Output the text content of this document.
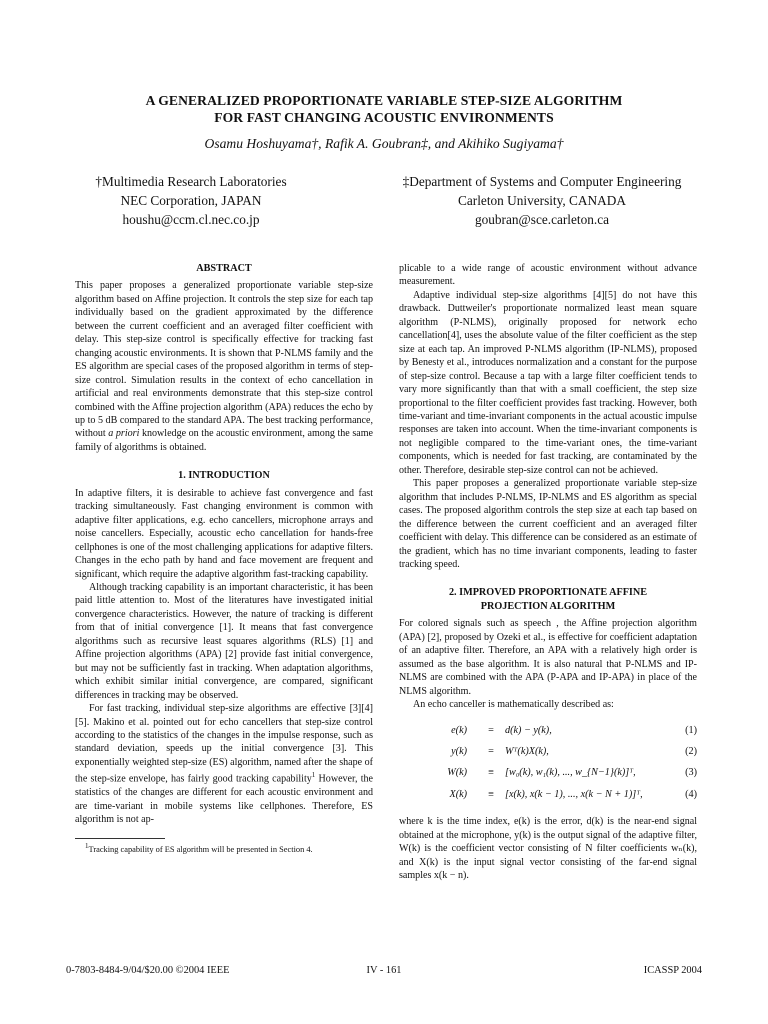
A GENERALIZED PROPORTIONATE VARIABLE STEP-SIZE ALGORITHM
FOR FAST CHANGING ACOUSTIC ENVIRONMENTS
Osamu Hoshuyama†, Rafik A. Goubran‡, and Akihiko Sugiyama†
†Multimedia Research Laboratories
NEC Corporation, JAPAN
houshu@ccm.cl.nec.co.jp
‡Department of Systems and Computer Engineering
Carleton University, CANADA
goubran@sce.carleton.ca
ABSTRACT

This paper proposes a generalized proportionate variable step-size algorithm based on Affine projection. It controls the step size for each tap individually based on the gradient approximated by the difference between the current coefficient and an averaged filter coefficient with delay. This step-size control is specifically effective for tracking fast changing acoustic environments. It is shown that P-NLMS family and the ES algorithm are special cases of the proposed algorithm in terms of step-size control. Simulation results in the context of echo cancellation in artificial and real environments demonstrate that this step-size control combined with the Affine projection algorithm (APA) reduces the echo by up to 5 dB compared to the standard APA. The best tracking performance, without a priori knowledge on the acoustic environment, among the same family of algorithms is obtained.

1. INTRODUCTION

In adaptive filters, it is desirable to achieve fast convergence and fast tracking simultaneously. Fast changing environment is common with adaptive filter applications, e.g. echo cancellers, microphone arrays and noise cancellers. Especially, acoustic echo cancellation for hands-free cellphones is one of the most challenging applications for adaptive filters. Changes in the echo path by hand and face movement are frequent and significant, which require the adaptive algorithm fast-tracking capability.

Although tracking capability is an important characteristic, it has been paid little attention to. Most of the literatures have investigated initial convergence characteristics. However, the nature of tracking is different from that of initial convergence [1]. It means that fast convergence algorithms such as recursive least squares algorithms (RLS) [1] and Affine projection algorithms (APA) [2] provide fast initial convergence, but may not be sufficiently fast in tracking. When adaptation algorithms, which exhibit similar initial convergence, are compared, significant differences in tracking may be observed.

For fast tracking, individual step-size algorithms are effective [3][4][5]. Makino et al. pointed out for echo cancellers that step-size control according to the statistics of the changes in the impulse response, such as standard deviation, speeds up the initial convergence [3]. This exponentially weighted step-size (ES) algorithm, named after the shape of the step-size envelope, has fairly good tracking capability$^1$ However, the statistics of the changes are different for each acoustic environment and are time-variant in mobile systems like cellphones. Therefore, ES algorithm is not ap-

$^1$Tracking capability of ES algorithm will be presented in Section 4.

plicable to a wide range of acoustic environment without advance measurement.

Adaptive individual step-size algorithms [4][5] do not have this drawback. Duttweiler's proportionate normalized least mean square algorithm (P-NLMS), originally proposed for network echo cancellation[4], uses the absolute value of the filter coefficient as the step size at each tap. An improved P-NLMS algorithm (IP-NLMS), proposed by Benesty et al., introduces normalization and a constant for the purpose of step-size control. Because a tap with a large filter coefficient tends to vary more significantly than that with a small coefficient, the step size proportional to the filter coefficient provides fast tracking. However, both time-variant and time-invariant components in the actual acoustic impulse responses are taken into account. When the time-invariant components is not negligible compared to the time-variant ones, the time-variant components, which is needed for fast tracking, are contaminated by the other. Therefore, desirable step-size control can not be achieved.

This paper proposes a generalized proportionate variable step-size algorithm that includes P-NLMS, IP-NLMS and ES algorithm as special cases. The proposed algorithm controls the step size at each tap based on the difference between the current coefficient and an averaged filter coefficient with delay. This difference can be considered as an estimate of the gradient, which has no time invariant components, leading to faster tracking speed.

2. IMPROVED PROPORTIONATE AFFINE
PROJECTION ALGORITHM

For colored signals such as speech , the Affine projection algorithm (APA) [2], proposed by Ozeki et al., is effective for coefficient adaptation of an adaptive filter. Therefore, an APA with a relatively high order is assumed as the base algorithm. It is also natural that P-NLMS and IP-NLMS are combined with the APA (P-APA and IP-APA) in place of the NLMS algorithm.

An echo canceller is mathematically described as:

e(k)	=	d(k) − y(k),	(1)
y(k)	=	Wᵀ(k)X(k),	(2)
W(k)	≡	[w₀(k), w₁(k), ..., w_{N−1}(k)]ᵀ,	(3)
X(k)	≡	[x(k), x(k − 1), ..., x(k − N + 1)]ᵀ,	(4)

where k is the time index, e(k) is the error, d(k) is the near-end signal obtained at the microphone, y(k) is the output signal of the adaptive filter, W(k) is the coefficient vector consisting of N filter coefficients wₙ(k), and X(k) is the input signal vector consisting of the far-end signal samples x(k − n).

0-7803-8484-9/04/$20.00 ©2004 IEEE	IV - 161	ICASSP 2004
